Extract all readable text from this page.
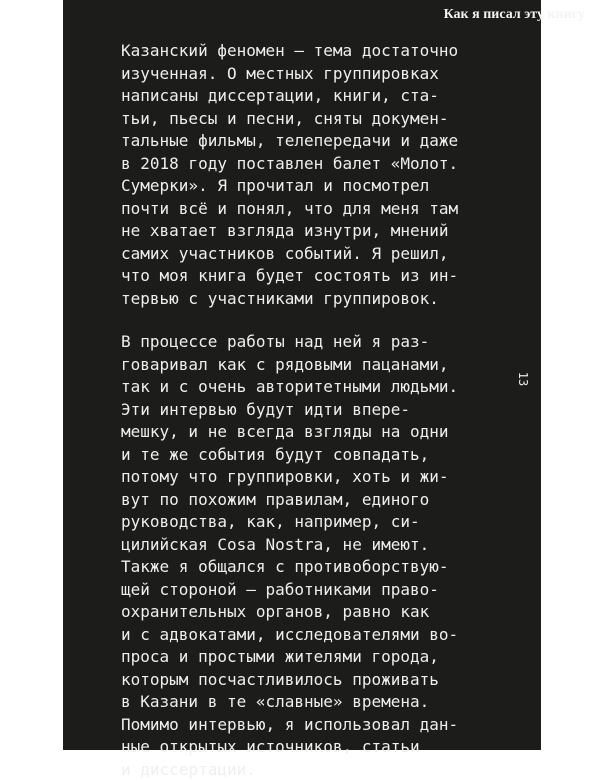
Как я писал эту книгу
13
Казанский феномен — тема достаточно
изученная. О местных группировках
написаны диссертации, книги, ста-
тьи, пьесы и песни, сняты докумен-
тальные фильмы, телепередачи и даже
в 2018 году поставлен балет «Молот.
Сумерки». Я прочитал и посмотрел
почти всё и понял, что для меня там
не хватает взгляда изнутри, мнений
самих участников событий. Я решил,
что моя книга будет состоять из ин-
тервью с участниками группировок.
В процессе работы над ней я раз-
говаривал как с рядовыми пацанами,
так и с очень авторитетными людьми.
Эти интервью будут идти впере-
мешку, и не всегда взгляды на одни
и те же события будут совпадать,
потому что группировки, хоть и жи-
вут по похожим правилам, единого
руководства, как, например, си-
цилийская Cosa Nostra, не имеют.
Также я общался с противоборствую-
щей стороной — работниками право-
охранительных органов, равно как
и с адвокатами, исследователями во-
проса и простыми жителями города,
которым посчастливилось проживать
в Казани в те «славные» времена.
Помимо интервью, я использовал дан-
ные открытых источников, статьи
и диссертации.
